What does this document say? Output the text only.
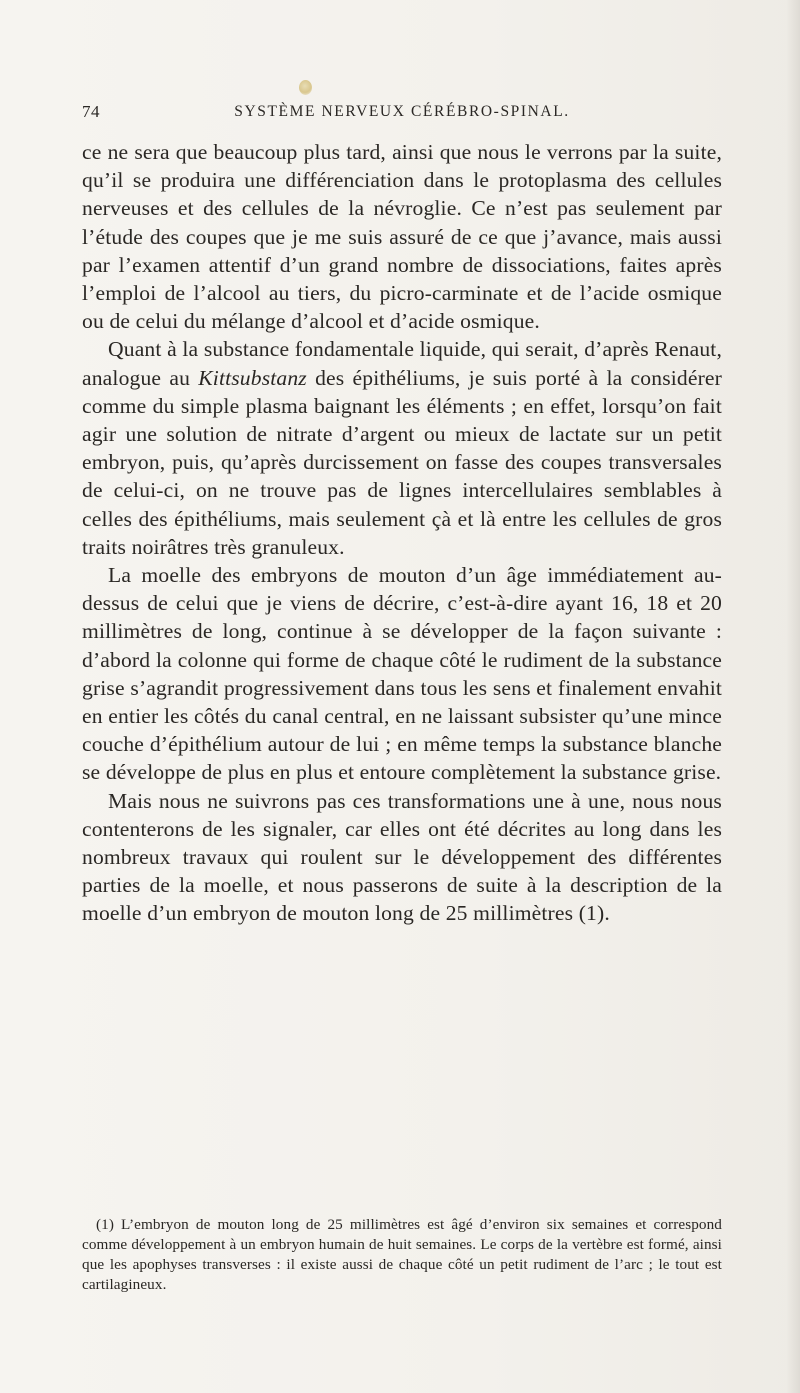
74	SYSTÈME NERVEUX CÉRÉBRO-SPINAL.

ce ne sera que beaucoup plus tard, ainsi que nous le verrons par la suite, qu’il se produira une différenciation dans le protoplasma des cellules nerveuses et des cellules de la névroglie. Ce n’est pas seulement par l’étude des coupes que je me suis assuré de ce que j’avance, mais aussi par l’examen attentif d’un grand nombre de dissociations, faites après l’emploi de l’alcool au tiers, du picro-carminate et de l’acide osmique ou de celui du mélange d’alcool et d’acide osmique.

Quant à la substance fondamentale liquide, qui serait, d’après Renaut, analogue au Kittsubstanz des épithéliums, je suis porté à la considérer comme du simple plasma baignant les éléments ; en effet, lorsqu’on fait agir une solution de nitrate d’argent ou mieux de lactate sur un petit embryon, puis, qu’après durcissement on fasse des coupes transversales de celui-ci, on ne trouve pas de lignes intercellulaires semblables à celles des épithéliums, mais seulement çà et là entre les cellules de gros traits noirâtres très granuleux.

La moelle des embryons de mouton d’un âge immédiatement au-dessus de celui que je viens de décrire, c’est-à-dire ayant 16, 18 et 20 millimètres de long, continue à se développer de la façon suivante : d’abord la colonne qui forme de chaque côté le rudiment de la substance grise s’agrandit progressivement dans tous les sens et finalement envahit en entier les côtés du canal central, en ne laissant subsister qu’une mince couche d’épithélium autour de lui ; en même temps la substance blanche se développe de plus en plus et entoure complètement la substance grise.

Mais nous ne suivrons pas ces transformations une à une, nous nous contenterons de les signaler, car elles ont été décrites au long dans les nombreux travaux qui roulent sur le développement des différentes parties de la moelle, et nous passerons de suite à la description de la moelle d’un embryon de mouton long de 25 millimètres (1).

(1) L’embryon de mouton long de 25 millimètres est âgé d’environ six semaines et correspond comme développement à un embryon humain de huit semaines. Le corps de la vertèbre est formé, ainsi que les apophyses transverses : il existe aussi de chaque côté un petit rudiment de l’arc ; le tout est cartilagineux.
